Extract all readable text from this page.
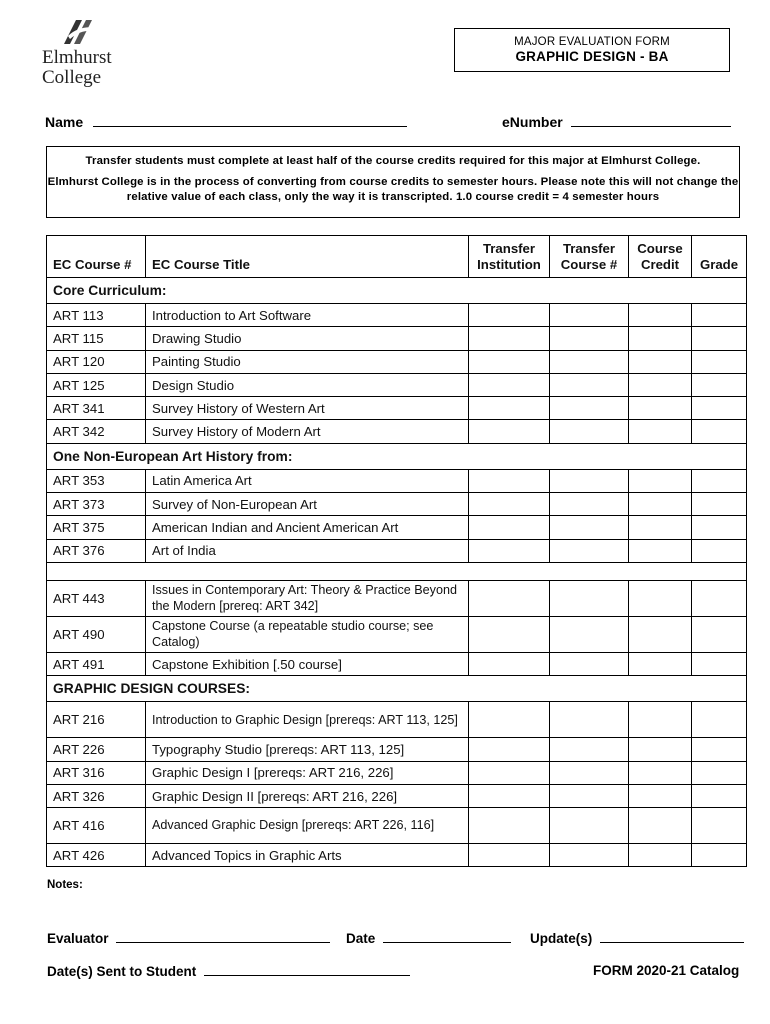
Elmhurst
College
MAJOR EVALUATION FORM
GRAPHIC DESIGN - BA
Name	eNumber

Transfer students must complete at least half of the course credits required for this major at Elmhurst College.

Elmhurst College is in the process of converting from course credits to semester hours. Please note this will not change the relative value of each class, only the way it is transcripted. 1.0 course credit = 4 semester hours

EC Course #	EC Course Title	Transfer Institution	Transfer Course #	Course Credit	Grade
Core Curriculum:					
ART 113	Introduction to Art Software				
ART 115	Drawing Studio				
ART 120	Painting Studio				
ART 125	Design Studio				
ART 341	Survey History of Western Art				
ART 342	Survey History of Modern Art				
One Non-European Art History from:					
ART 353	Latin America Art				
ART 373	Survey of Non-European Art				
ART 375	American Indian and Ancient American Art				
ART 376	Art of India				

ART 443	Issues in Contemporary Art: Theory & Practice Beyond the Modern [prereq: ART 342]				
ART 490	Capstone Course (a repeatable studio course; see Catalog)				
ART 491	Capstone Exhibition [.50 course]				
GRAPHIC DESIGN COURSES:					
ART 216	Introduction to Graphic Design [prereqs: ART 113, 125]				
ART 226	Typography Studio [prereqs: ART 113, 125]				
ART 316	Graphic Design I [prereqs: ART 216, 226]				
ART 326	Graphic Design II [prereqs: ART 216, 226]				
ART 416	Advanced Graphic Design [prereqs: ART 226, 116]				
ART 426	Advanced Topics in Graphic Arts				
Notes:
Evaluator	Date	Update(s)
Date(s) Sent to Student	FORM 2020-21 Catalog
